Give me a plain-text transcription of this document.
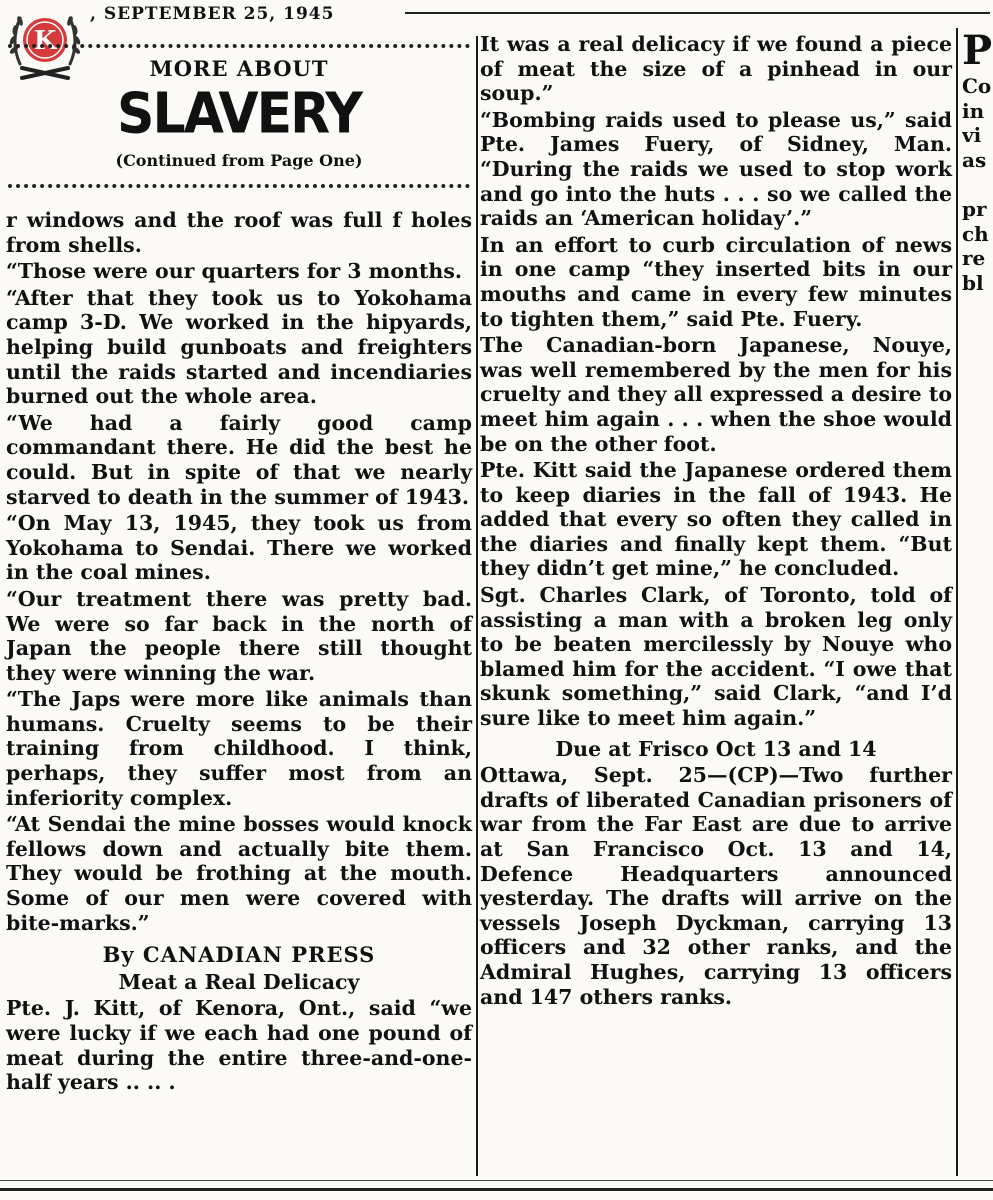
K
, SEPTEMBER 25, 1945
MORE ABOUT
SLAVERY
(Continued from Page One)

r windows and the roof was full f holes from shells.

“Those were our quarters for 3 months.

“After that they took us to Yokohama camp 3-D. We worked in the hipyards, helping build gunboats and freighters until the raids started and incendiaries burned out the whole area.

“We had a fairly good camp commandant there. He did the best he could. But in spite of that we nearly starved to death in the summer of 1943.

“On May 13, 1945, they took us from Yokohama to Sendai. There we worked in the coal mines.

“Our treatment there was pretty bad. We were so far back in the north of Japan the people there still thought they were winning the war.

“The Japs were more like animals than humans. Cruelty seems to be their training from childhood. I think, perhaps, they suffer most from an inferiority complex.

“At Sendai the mine bosses would knock fellows down and actually bite them. They would be frothing at the mouth. Some of our men were covered with bite-marks.”

By CANADIAN PRESS
Meat a Real Delicacy

Pte. J. Kitt, of Kenora, Ont., said “we were lucky if we each had one pound of meat during the entire three-and-one-half years .. .. .

It was a real delicacy if we found a piece of meat the size of a pinhead in our soup.”

“Bombing raids used to please us,” said Pte. James Fuery, of Sidney, Man. “During the raids we used to stop work and go into the huts . . . so we called the raids an ‘American holiday’.”

In an effort to curb circulation of news in one camp “they inserted bits in our mouths and came in every few minutes to tighten them,” said Pte. Fuery.

The Canadian-born Japanese, Nouye, was well remembered by the men for his cruelty and they all expressed a desire to meet him again . . . when the shoe would be on the other foot.

Pte. Kitt said the Japanese ordered them to keep diaries in the fall of 1943. He added that every so often they called in the diaries and finally kept them. “But they didn’t get mine,” he concluded.

Sgt. Charles Clark, of Toronto, told of assisting a man with a broken leg only to be beaten mercilessly by Nouye who blamed him for the accident. “I owe that skunk something,” said Clark, “and I’d sure like to meet him again.”

Due at Frisco Oct 13 and 14

Ottawa, Sept. 25—(CP)—Two further drafts of liberated Canadian prisoners of war from the Far East are due to arrive at San Francisco Oct. 13 and 14, Defence Headquarters announced yesterday. The drafts will arrive on the vessels Joseph Dyckman, carrying 13 officers and 32 other ranks, and the Admiral Hughes, carrying 13 officers and 147 others ranks.

P
Co
in
vi
as
pr
ch
re
bl
